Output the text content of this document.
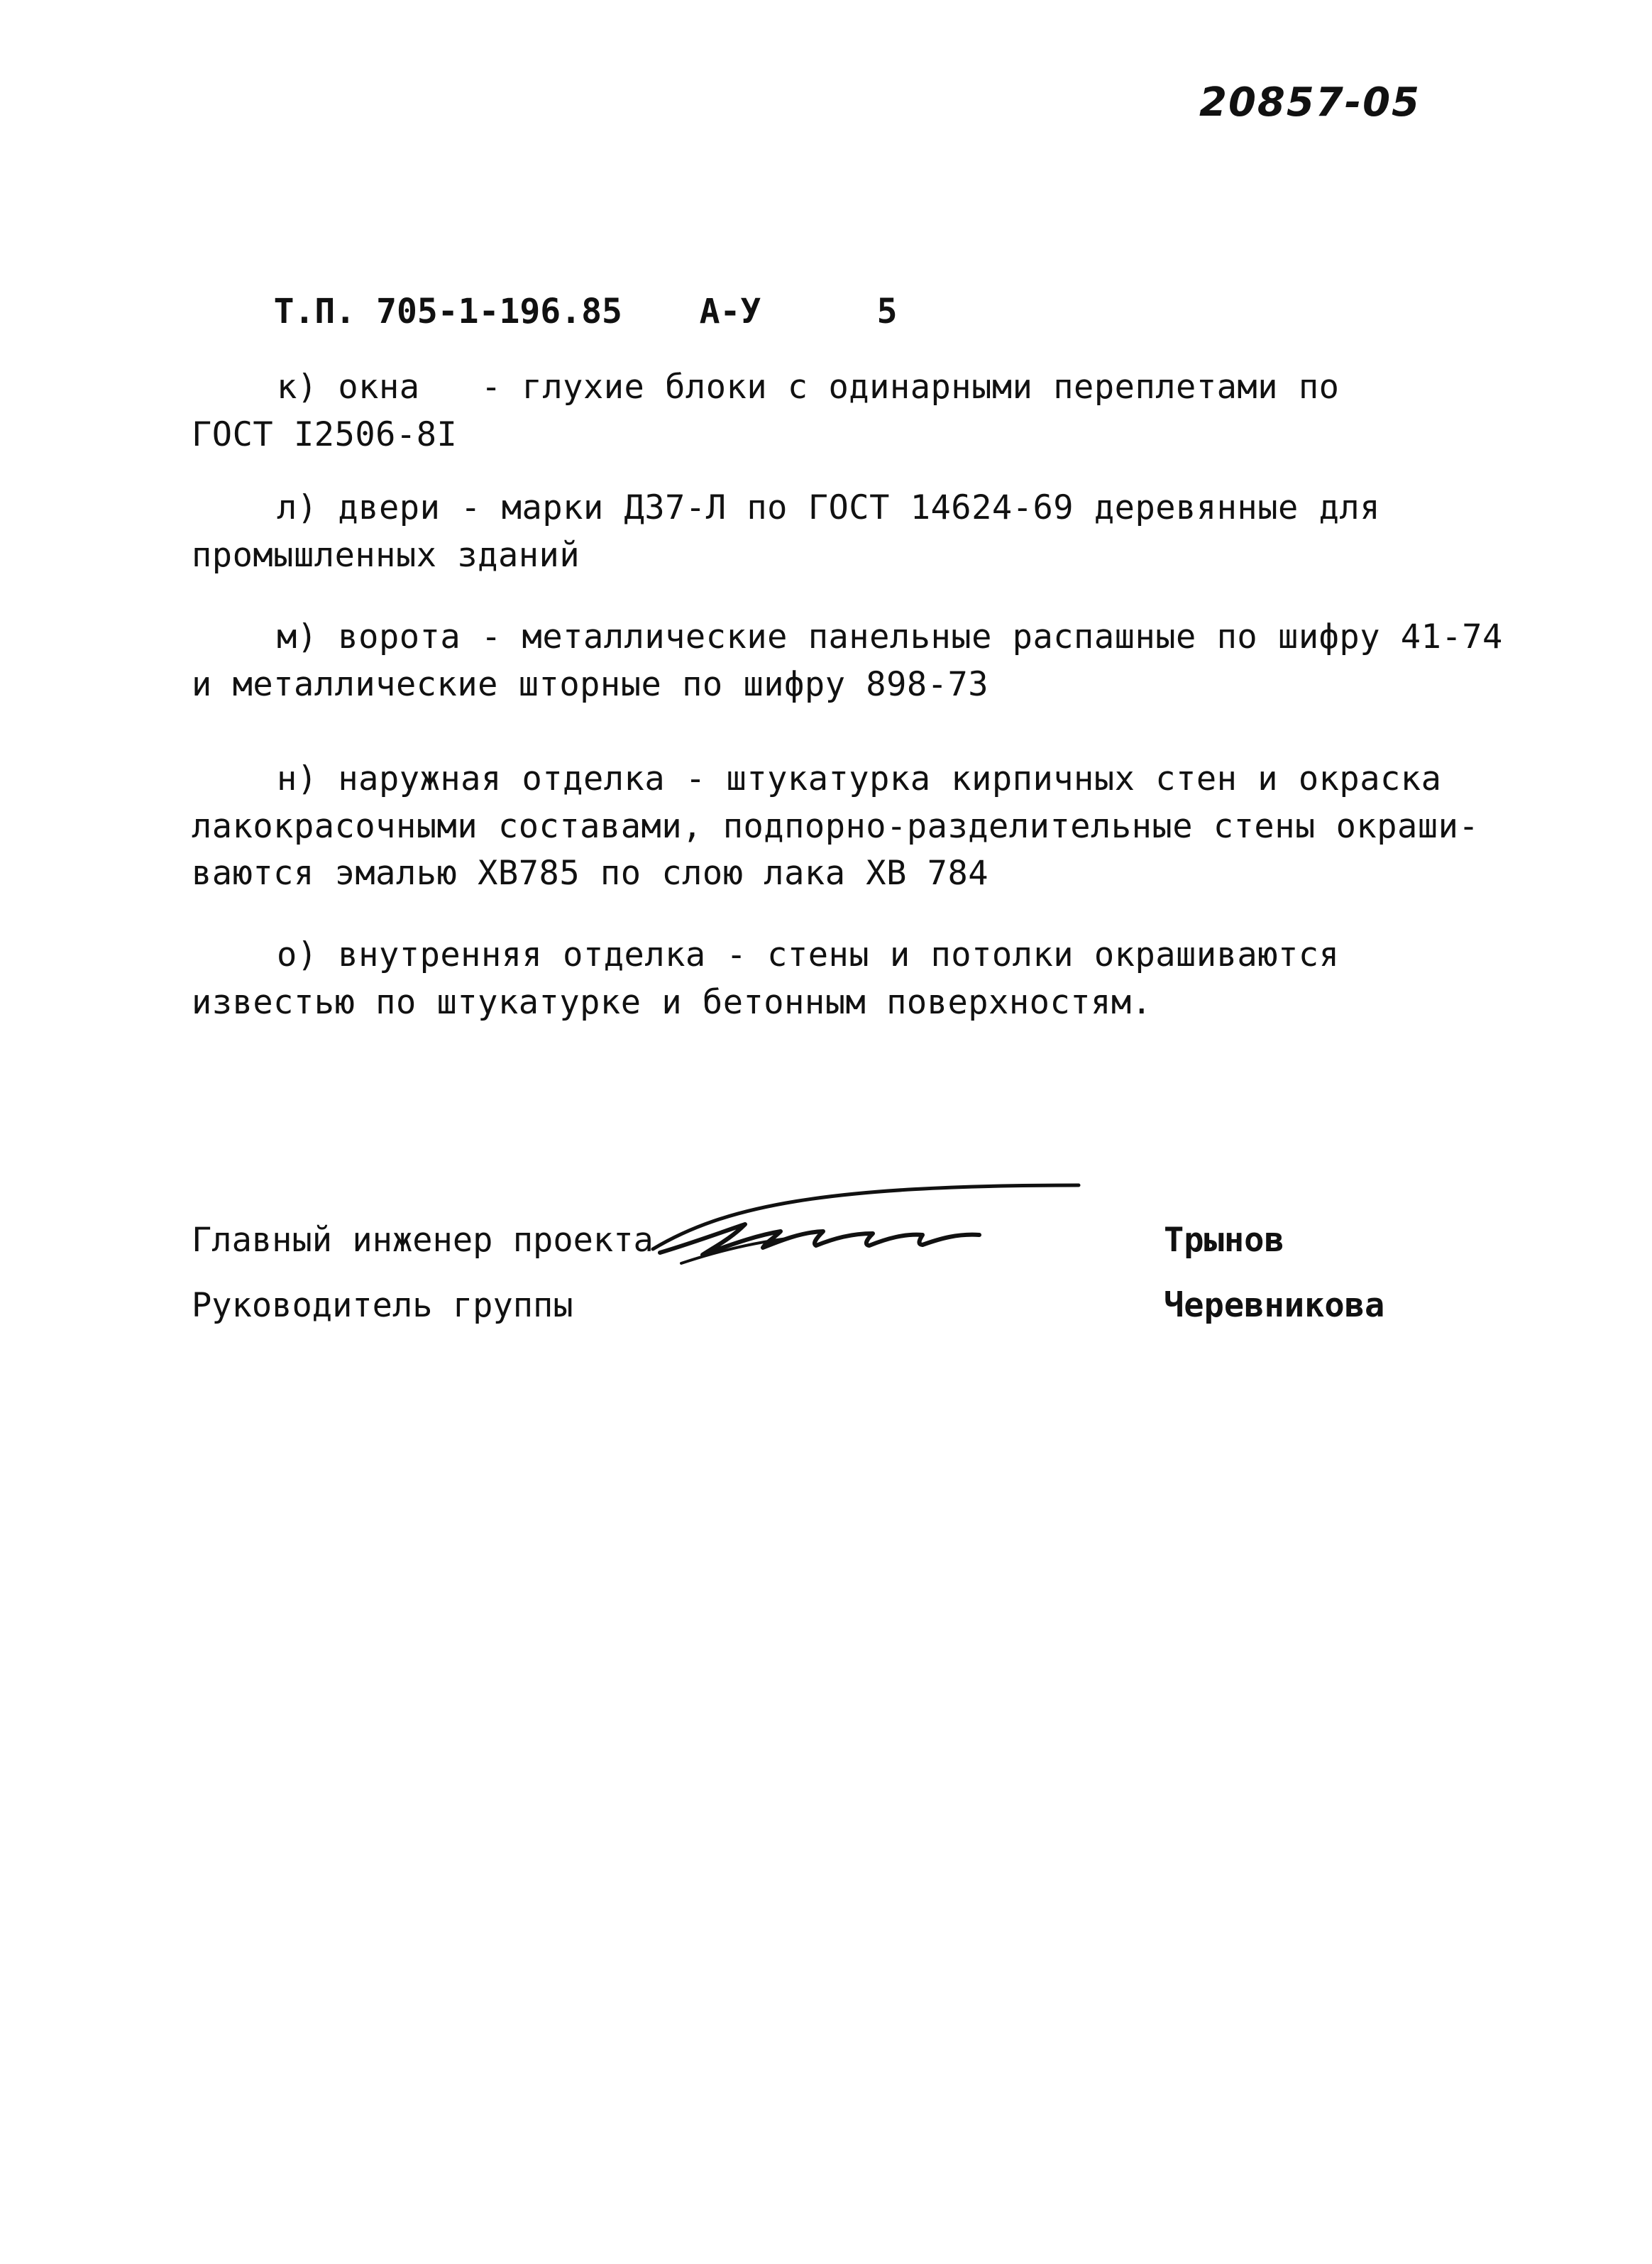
20857-05

Т.П. 705-1-196.85 А-У	5

к) окна   - глухие блоки с одинарными переплетами по
ГОСТ I2506-8I
л) двери - марки Д37-Л по ГОСТ 14624-69 деревянные для
промышленных зданий
м) ворота - металлические панельные распашные по шифру 41-74
и металлические шторные по шифру 898-73
н) наружная отделка - штукатурка кирпичных стен и окраска
лакокрасочными составами, подпорно-разделительные стены окраши-
ваются эмалью ХВ785 по слою лака ХВ 784
о) внутренняя отделка - стены и потолки окрашиваются
известью по штукатурке и бетонным поверхностям.
Главный инженер проекта	Трынов
Руководитель группы	Черевникова
